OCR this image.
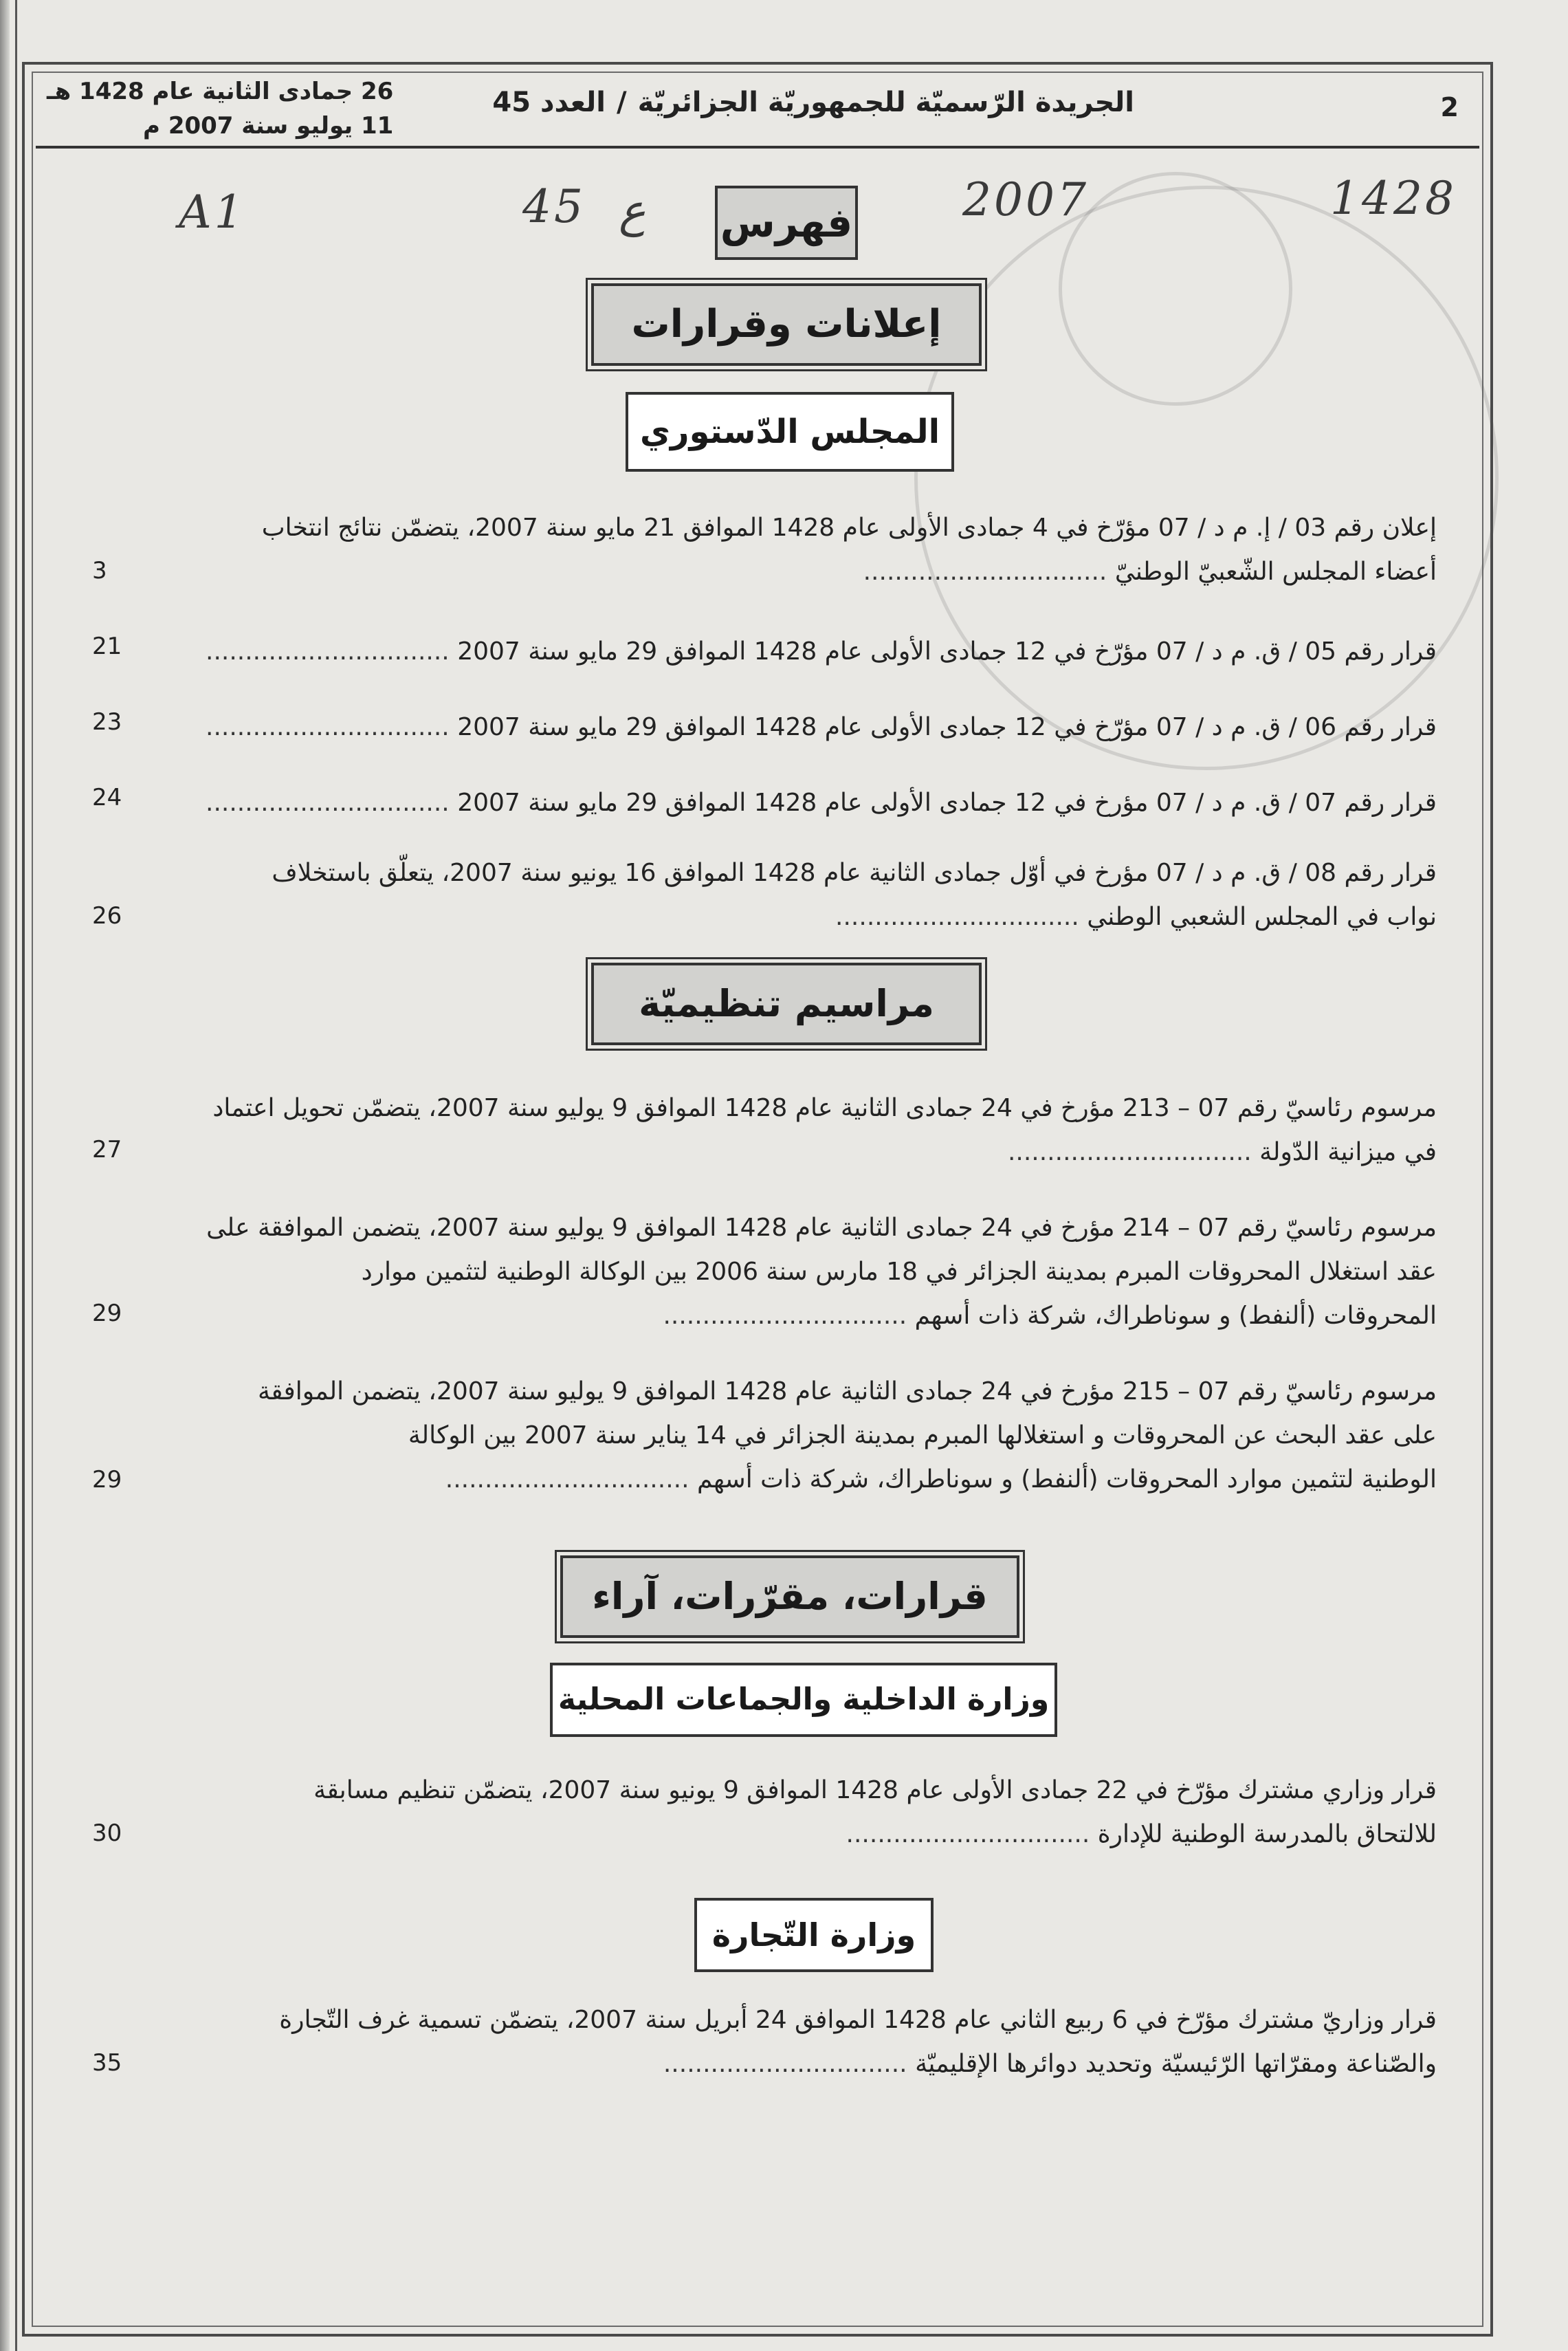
2
الجريدة الرّسميّة للجمهوريّة الجزائريّة/العدد 45
26 جمادى الثانية عام 1428 هـ
11 يوليو سنة 2007 م
1428
2007
ع
45
A1	فهرس
إعلانات وقرارات
المجلس الدّستوري
إعلان رقم 03 / إ. م د / 07 مؤرّخ في 4 جمادى الأولى عام 1428 الموافق 21 مايو سنة 2007، يتضمّن نتائج انتخاب
أعضاء المجلس الشّعبيّ الوطنيّ ...............................
3
قرار رقم 05 / ق. م د / 07 مؤرّخ في 12 جمادى الأولى عام 1428 الموافق 29 مايو سنة 2007 ...............................
21
قرار رقم 06 / ق. م د / 07 مؤرّخ في 12 جمادى الأولى عام 1428 الموافق 29 مايو سنة 2007 ...............................
23
قرار رقم 07 / ق. م د / 07 مؤرخ في 12 جمادى الأولى عام 1428 الموافق 29 مايو سنة 2007 ...............................
24
قرار رقم 08 / ق. م د / 07 مؤرخ في أوّل جمادى الثانية عام 1428 الموافق 16 يونيو سنة 2007، يتعلّق باستخلاف
نواب في المجلس الشعبي الوطني ...............................
26
مراسيم تنظيميّة
مرسوم رئاسيّ رقم 07 – 213 مؤرخ في 24 جمادى الثانية عام 1428 الموافق 9 يوليو سنة 2007، يتضمّن تحويل اعتماد
في ميزانية الدّولة ...............................
27
مرسوم رئاسيّ رقم 07 – 214 مؤرخ في 24 جمادى الثانية عام 1428 الموافق 9 يوليو سنة 2007، يتضمن الموافقة على
عقد استغلال المحروقات المبرم بمدينة الجزائر في 18 مارس سنة 2006 بين الوكالة الوطنية لتثمين موارد
المحروقات (ألنفط) و سوناطراك، شركة ذات أسهم ...............................
29
مرسوم رئاسيّ رقم 07 – 215 مؤرخ في 24 جمادى الثانية عام 1428 الموافق 9 يوليو سنة 2007، يتضمن الموافقة
على عقد البحث عن المحروقات و استغلالها المبرم بمدينة الجزائر في 14 يناير سنة 2007 بين الوكالة
الوطنية لتثمين موارد المحروقات (ألنفط) و سوناطراك، شركة ذات أسهم ...............................
29
قرارات، مقرّرات، آراء
وزارة الداخلية والجماعات المحلية
قرار وزاري مشترك مؤرّخ في 22 جمادى الأولى عام 1428 الموافق 9 يونيو سنة 2007، يتضمّن تنظيم مسابقة
للالتحاق بالمدرسة الوطنية للإدارة ...............................
30
وزارة التّجارة
قرار وزاريّ مشترك مؤرّخ في 6 ربيع الثاني عام 1428 الموافق 24 أبريل سنة 2007، يتضمّن تسمية غرف التّجارة
والصّناعة ومقرّاتها الرّئيسيّة وتحديد دوائرها الإقليميّة ...............................
35
